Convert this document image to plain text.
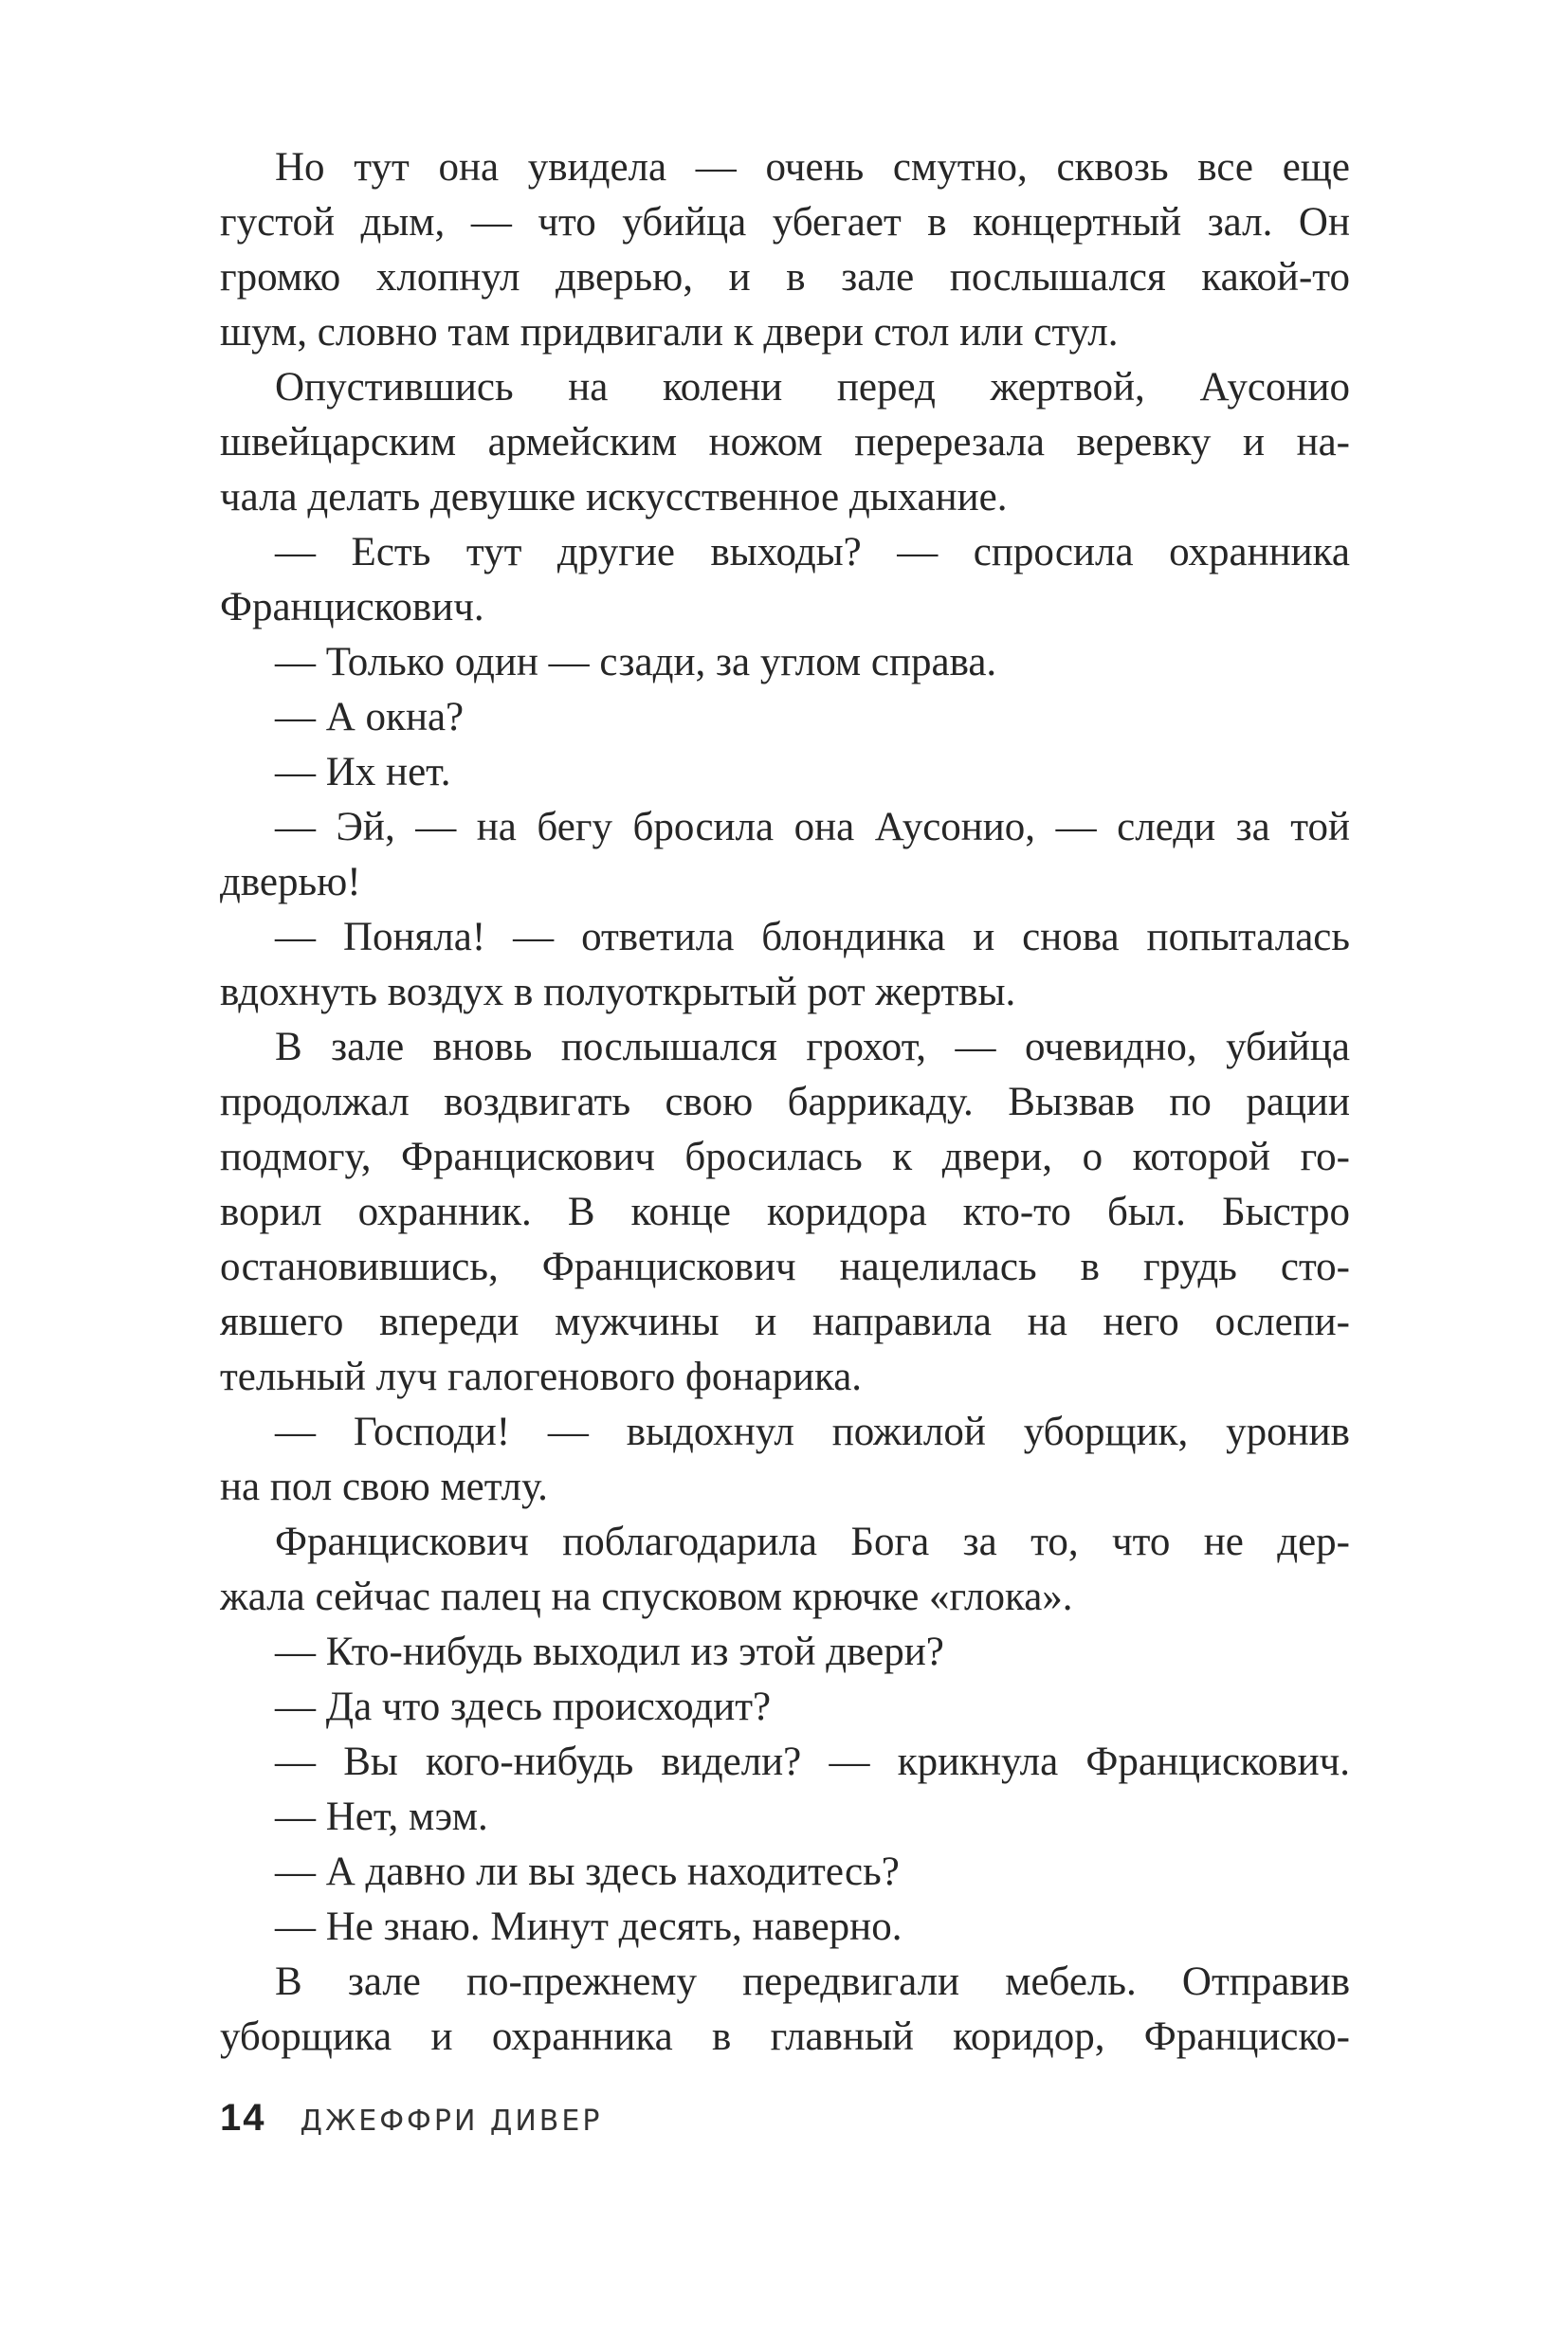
Но тут она увидела — очень смутно, сквозь все еще
густой дым, — что убийца убегает в концертный зал. Он
громко хлопнул дверью, и в зале послышался какой-то
шум, словно там придвигали к двери стол или стул.
Опустившись на колени перед жертвой, Аусонио
швейцарским армейским ножом перерезала веревку и на-
чала делать девушке искусственное дыхание.
— Есть тут другие выходы? — спросила охранника
Францискович.
— Только один — сзади, за углом справа.
— А окна?
— Их нет.
— Эй, — на бегу бросила она Аусонио, — следи за той
дверью!
— Поняла! — ответила блондинка и снова попыталась
вдохнуть воздух в полуоткрытый рот жертвы.
В зале вновь послышался грохот, — очевидно, убийца
продолжал воздвигать свою баррикаду. Вызвав по рации
подмогу, Францискович бросилась к двери, о которой го-
ворил охранник. В конце коридора кто-то был. Быстро
остановившись, Францискович нацелилась в грудь сто-
явшего впереди мужчины и направила на него ослепи-
тельный луч галогенового фонарика.
— Господи! — выдохнул пожилой уборщик, уронив
на пол свою метлу.
Францискович поблагодарила Бога за то, что не дер-
жала сейчас палец на спусковом крючке «глока».
— Кто-нибудь выходил из этой двери?
— Да что здесь происходит?
— Вы кого-нибудь видели? — крикнула Францискович.
— Нет, мэм.
— А давно ли вы здесь находитесь?
— Не знаю. Минут десять, наверно.
В зале по-прежнему передвигали мебель. Отправив
уборщика и охранника в главный коридор, Франциско-
14 ДЖЕФФРИ ДИВЕР
